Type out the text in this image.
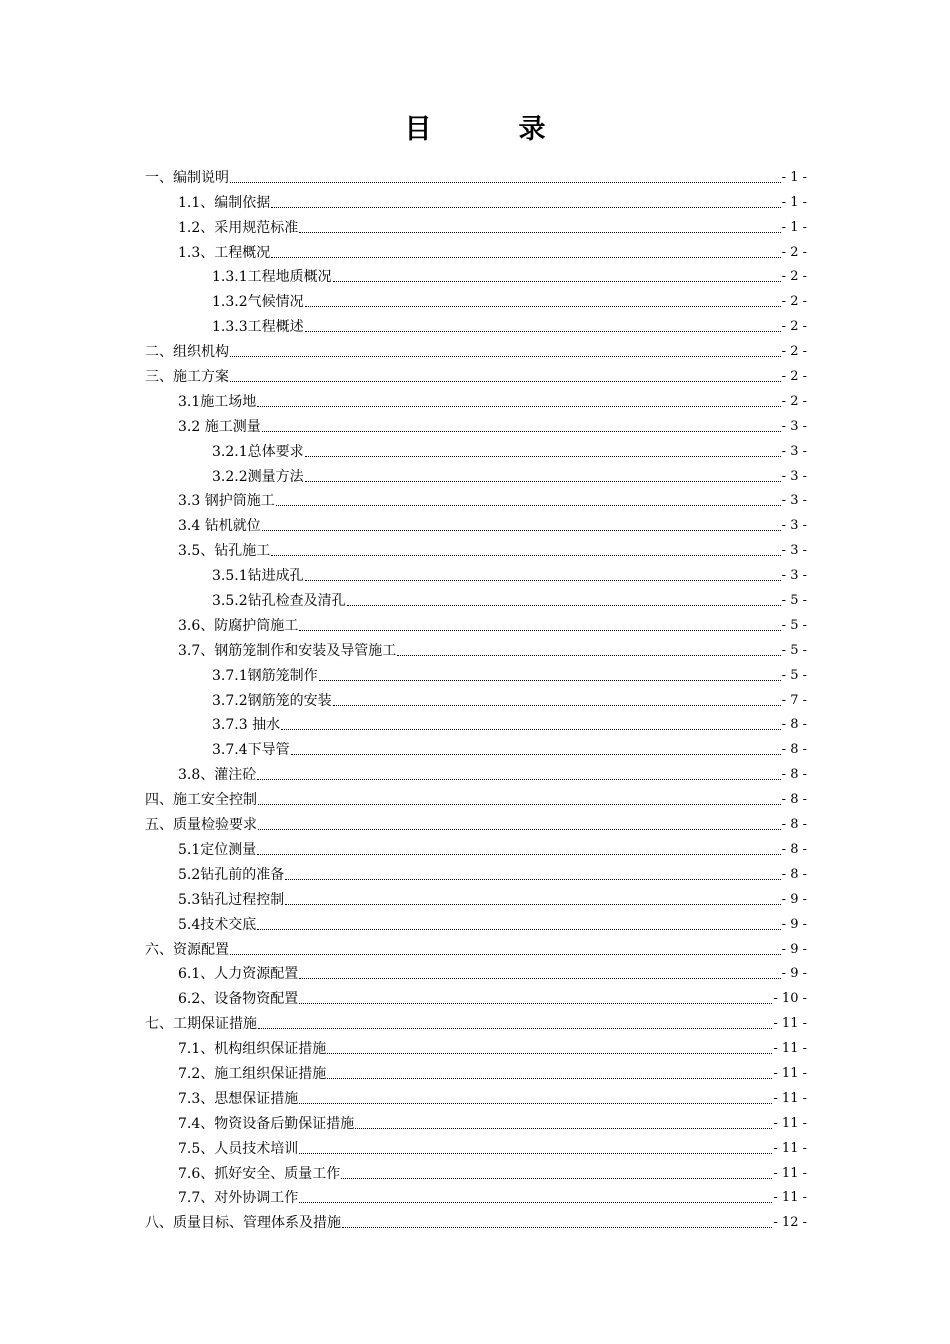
目　录
一、编制说明	- 1 -
1.1、编制依据	- 1 -
1.2、采用规范标准	- 1 -
1.3、工程概况	- 2 -
1.3.1工程地质概况	- 2 -
1.3.2气候情况	- 2 -
1.3.3工程概述	- 2 -
二、组织机构	- 2 -
三、施工方案	- 2 -
3.1施工场地	- 2 -
3.2 施工测量	- 3 -
3.2.1总体要求	- 3 -
3.2.2测量方法	- 3 -
3.3 钢护筒施工	- 3 -
3.4 钻机就位	- 3 -
3.5、钻孔施工	- 3 -
3.5.1钻进成孔	- 3 -
3.5.2钻孔检查及清孔	- 5 -
3.6、防腐护筒施工	- 5 -
3.7、钢筋笼制作和安装及导管施工	- 5 -
3.7.1钢筋笼制作	- 5 -
3.7.2钢筋笼的安装	- 7 -
3.7.3 抽水	- 8 -
3.7.4下导管	- 8 -
3.8、灌注砼	- 8 -
四、施工安全控制	- 8 -
五、质量检验要求	- 8 -
5.1定位测量	- 8 -
5.2钻孔前的准备	- 8 -
5.3钻孔过程控制	- 9 -
5.4技术交底	- 9 -
六、资源配置	- 9 -
6.1、人力资源配置	- 9 -
6.2、设备物资配置	- 10 -
七、工期保证措施	- 11 -
7.1、机构组织保证措施	- 11 -
7.2、施工组织保证措施	- 11 -
7.3、思想保证措施	- 11 -
7.4、物资设备后勤保证措施	- 11 -
7.5、人员技术培训	- 11 -
7.6、抓好安全、质量工作	- 11 -
7.7、对外协调工作	- 11 -
八、质量目标、管理体系及措施	- 12 -
